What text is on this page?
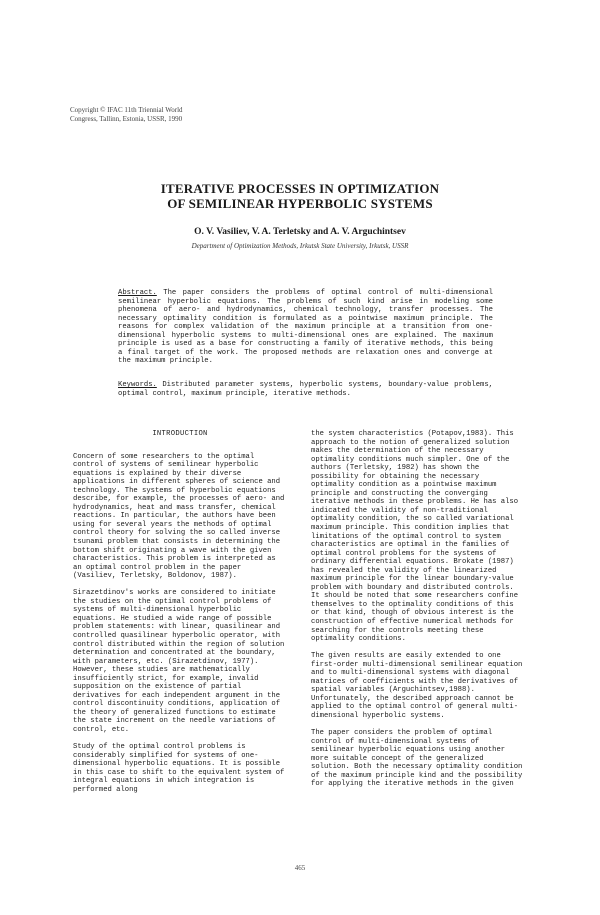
Copyright © IFAC 11th Triennial World
Congress, Tallinn, Estonia, USSR, 1990
ITERATIVE PROCESSES IN OPTIMIZATION
OF SEMILINEAR HYPERBOLIC SYSTEMS
O. V. Vasiliev, V. A. Terletsky and A. V. Arguchintsev
Department of Optimization Methods, Irkutsk State University, Irkutsk, USSR
Abstract. The paper considers the problems of optimal control of multi-dimensional semilinear hyperbolic equations. The problems of such kind arise in modeling some phenomena of aero- and hydrodynamics, chemical technology, transfer processes. The necessary optimality condition is formulated as a pointwise maximum principle. The reasons for complex validation of the maximum principle at a transition from one-dimensional hyperbolic systems to multi-dimensional ones are explained. The maximum principle is used as a base for constructing a family of iterative methods, this being a final target of the work. The proposed methods are relaxation ones and converge at the maximum principle.
Keywords. Distributed parameter systems, hyperbolic systems, boundary-value problems, optimal control, maximum principle, iterative methods.
INTRODUCTION

Concern of some researchers to the optimal control of systems of semilinear hyperbolic equations is explained by their diverse applications in different spheres of science and technology. The systems of hyperbolic equations describe, for example, the processes of aero- and hydrodynamics, heat and mass transfer, chemical reactions. In particular, the authors have been using for several years the methods of optimal control theory for solving the so called inverse tsunami problem that consists in determining the bottom shift originating a wave with the given characteristics. This problem is interpreted as an optimal control problem in the paper (Vasiliev, Terletsky, Boldonov, 1987).

Sirazetdinov's works are considered to initiate the studies on the optimal control problems of systems of multi-dimensional hyperbolic equations. He studied a wide range of possible problem statements: with linear, quasilinear and controlled quasilinear hyperbolic operator, with control distributed within the region of solution determination and concentrated at the boundary, with parameters, etc. (Sirazetdinov, 1977). However, these studies are mathematically insufficiently strict, for example, invalid supposition on the existence of partial derivatives for each independent argument in the control discontinuity conditions, application of the theory of generalized functions to estimate the state increment on the needle variations of control, etc.

Study of the optimal control problems is considerably simplified for systems of one-dimensional hyperbolic equations. It is possible in this case to shift to the equivalent system of integral equations in which integration is performed along

the system characteristics (Potapov,1983). This approach to the notion of generalized solution makes the determination of the necessary optimality conditions much simpler. One of the authors (Terletsky, 1982) has shown the possibility for obtaining the necessary optimality condition as a pointwise maximum principle and constructing the converging iterative methods in these problems. He has also indicated the validity of non-traditional optimality condition, the so called variational maximum principle. This condition implies that limitations of the optimal control to system characteristics are optimal in the families of optimal control problems for the systems of ordinary differential equations. Brokate (1987) has revealed the validity of the linearized maximum principle for the linear boundary-value problem with boundary and distributed controls. It should be noted that some researchers confine themselves to the optimality conditions of this or that kind, though of obvious interest is the construction of effective numerical methods for searching for the controls meeting these optimality conditions.

The given results are easily extended to one first-order multi-dimensional semilinear equation and to multi-dimensional systems with diagonal matrices of coefficients with the derivatives of spatial variables (Arguchintsev,1988). Unfortunately, the described approach cannot be applied to the optimal control of general multi-dimensional hyperbolic systems.

The paper considers the problem of optimal control of multi-dimensional systems of semilinear hyperbolic equations using another more suitable concept of the generalized solution. Both the necessary optimality condition of the maximum principle kind and the possibility for applying the iterative methods in the given

465
